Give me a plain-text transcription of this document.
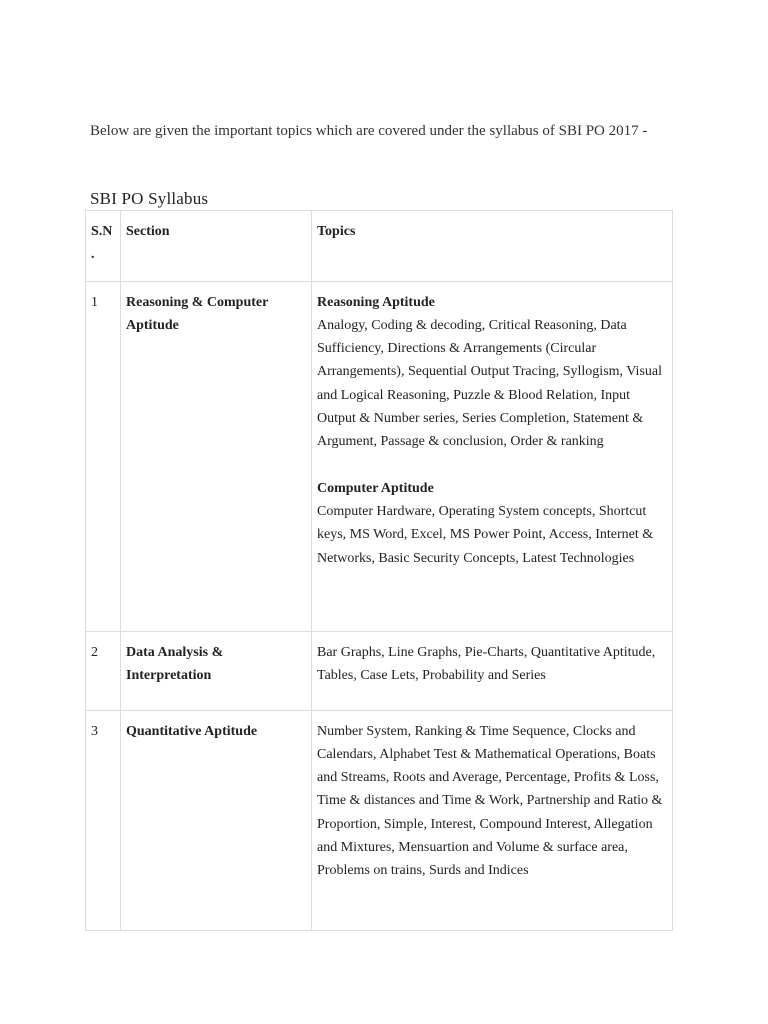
Below are given the important topics which are covered under the syllabus of SBI PO 2017 -

SBI PO Syllabus
S.N .	Section	Topics
1	Reasoning & Computer Aptitude	Reasoning Aptitude

Analogy, Coding & decoding, Critical Reasoning, Data Sufficiency, Directions & Arrangements (Circular Arrangements), Sequential Output Tracing, Syllogism, Visual and Logical Reasoning, Puzzle & Blood Relation, Input Output & Number series, Series Completion, Statement & Argument, Passage & conclusion, Order & ranking

Computer Aptitude

Computer Hardware, Operating System concepts, Shortcut keys, MS Word, Excel, MS Power Point, Access, Internet & Networks, Basic Security Concepts, Latest Technologies

2	Data Analysis & Interpretation	Bar Graphs, Line Graphs, Pie-Charts, Quantitative Aptitude, Tables, Case Lets, Probability and Series
3	Quantitative Aptitude	Number System, Ranking & Time Sequence, Clocks and Calendars, Alphabet Test & Mathematical Operations, Boats and Streams, Roots and Average, Percentage, Profits & Loss, Time & distances and Time & Work, Partnership and Ratio & Proportion, Simple, Interest, Compound Interest, Allegation and Mixtures, Mensuartion and Volume & surface area, Problems on trains, Surds and Indices
